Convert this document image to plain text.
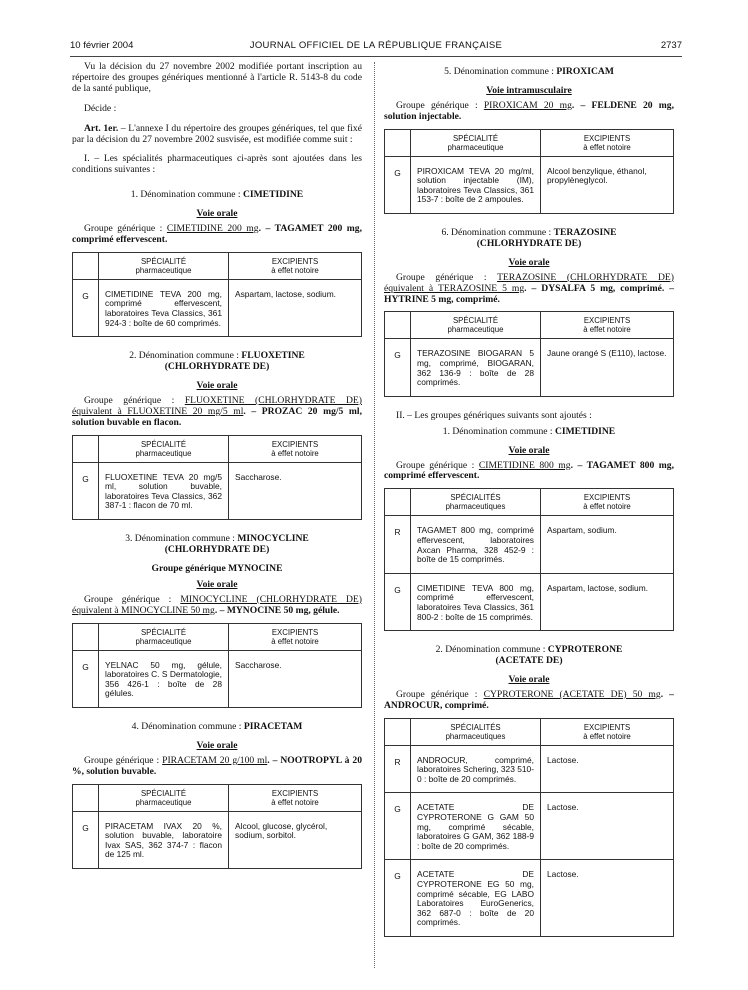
10 février 2004	JOURNAL OFFICIEL DE LA RÉPUBLIQUE FRANÇAISE	2737

Vu la décision du 27 novembre 2002 modifiée portant inscription au répertoire des groupes génériques mentionné à l'article R. 5143-8 du code de la santé publique,

Décide :

Art. 1er. – L'annexe I du répertoire des groupes génériques, tel que fixé par la décision du 27 novembre 2002 susvisée, est modifiée comme suit :

I. – Les spécialités pharmaceutiques ci-après sont ajoutées dans les conditions suivantes :

1. Dénomination commune : CIMETIDINE
Voie orale

Groupe générique : CIMETIDINE 200 mg. – TAGAMET 200 mg, comprimé effervescent.

	SPÉCIALITÉ
pharmaceutique	EXCIPIENTS
à effet notoire
G	CIMETIDINE TEVA 200 mg, comprimé effervescent, laboratoires Teva Classics, 361 924-3 : boîte de 60 comprimés.	Aspartam, lactose, sodium.
2. Dénomination commune : FLUOXETINE
(CHLORHYDRATE DE)
Voie orale

Groupe générique : FLUOXETINE (CHLORHYDRATE DE) équivalent à FLUOXETINE 20 mg/5 ml. – PROZAC 20 mg/5 ml, solution buvable en flacon.

	SPÉCIALITÉ
pharmaceutique	EXCIPIENTS
à effet notoire
G	FLUOXETINE TEVA 20 mg/5 ml, solution buvable, laboratoires Teva Classics, 362 387-1 : flacon de 70 ml.	Saccharose.
3. Dénomination commune : MINOCYCLINE
(CHLORHYDRATE DE)
Groupe générique MYNOCINE
Voie orale

Groupe générique : MINOCYCLINE (CHLORHYDRATE DE) équivalent à MINOCYCLINE 50 mg. – MYNOCINE 50 mg, gélule.

	SPÉCIALITÉ
pharmaceutique	EXCIPIENTS
à effet notoire
G	YELNAC 50 mg, gélule, laboratoires C. S Dermatologie, 356 426-1 : boîte de 28 gélules.	Saccharose.
4. Dénomination commune : PIRACETAM
Voie orale

Groupe générique : PIRACETAM 20 g/100 ml. – NOOTROPYL à 20 %, solution buvable.

	SPÉCIALITÉ
pharmaceutique	EXCIPIENTS
à effet notoire
G	PIRACETAM IVAX 20 %, solution buvable, laboratoire Ivax SAS, 362 374-7 : flacon de 125 ml.	Alcool, glucose, glycérol, sodium, sorbitol.
5. Dénomination commune : PIROXICAM
Voie intramusculaire

Groupe générique : PIROXICAM 20 mg. – FELDENE 20 mg, solution injectable.

	SPÉCIALITÉ
pharmaceutique	EXCIPIENTS
à effet notoire
G	PIROXICAM TEVA 20 mg/ml, solution injectable (IM), laboratoires Teva Classics, 361 153-7 : boîte de 2 ampoules.	Alcool benzylique, éthanol, propylèneglycol.
6. Dénomination commune : TERAZOSINE
(CHLORHYDRATE DE)
Voie orale

Groupe générique : TERAZOSINE (CHLORHYDRATE DE) équivalent à TERAZOSINE 5 mg. – DYSALFA 5 mg, comprimé. – HYTRINE 5 mg, comprimé.

	SPÉCIALITÉ
pharmaceutique	EXCIPIENTS
à effet notoire
G	TERAZOSINE BIOGARAN 5 mg, comprimé, BIOGARAN, 362 136-9 : boîte de 28 comprimés.	Jaune orangé S (E110), lactose.

II. – Les groupes génériques suivants sont ajoutés :

1. Dénomination commune : CIMETIDINE
Voie orale

Groupe générique : CIMETIDINE 800 mg. – TAGAMET 800 mg, comprimé effervescent.

	SPÉCIALITÉS
pharmaceutiques	EXCIPIENTS
à effet notoire
R	TAGAMET 800 mg, comprimé effervescent, laboratoires Axcan Pharma, 328 452-9 : boîte de 15 comprimés.	Aspartam, sodium.
G	CIMETIDINE TEVA 800 mg, comprimé effervescent, laboratoires Teva Classics, 361 800-2 : boîte de 15 comprimés.	Aspartam, lactose, sodium.
2. Dénomination commune : CYPROTERONE
(ACETATE DE)
Voie orale

Groupe générique : CYPROTERONE (ACETATE DE) 50 mg. – ANDROCUR, comprimé.

	SPÉCIALITÉS
pharmaceutiques	EXCIPIENTS
à effet notoire
R	ANDROCUR, comprimé, laboratoires Schering, 323 510-0 : boîte de 20 comprimés.	Lactose.
G	ACETATE DE CYPROTERONE G GAM 50 mg, comprimé sécable, laboratoires G GAM, 362 188-9 : boîte de 20 comprimés.	Lactose.
G	ACETATE DE CYPROTERONE EG 50 mg, comprimé sécable, EG LABO Laboratoires EuroGenerics, 362 687-0 : boîte de 20 comprimés.	Lactose.
